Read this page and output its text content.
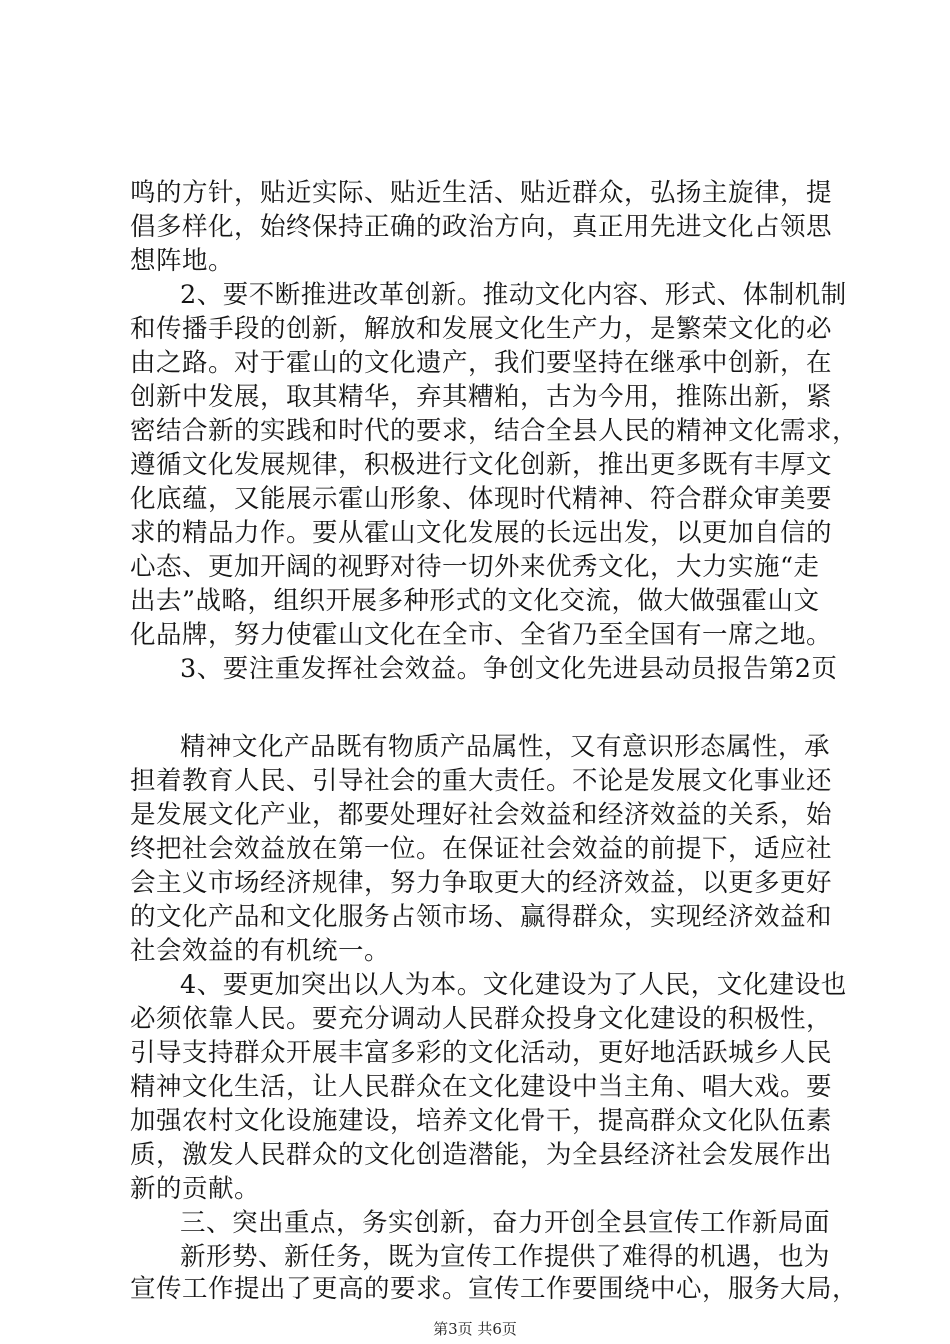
鸣的方针，贴近实际、贴近生活、贴近群众，弘扬主旋律，提
倡多样化，始终保持正确的政治方向，真正用先进文化占领思
想阵地。
2、要不断推进改革创新。推动文化内容、形式、体制机制
和传播手段的创新，解放和发展文化生产力，是繁荣文化的必
由之路。对于霍山的文化遗产，我们要坚持在继承中创新，在
创新中发展，取其精华，弃其糟粕，古为今用，推陈出新，紧
密结合新的实践和时代的要求，结合全县人民的精神文化需求，
遵循文化发展规律，积极进行文化创新，推出更多既有丰厚文
化底蕴，又能展示霍山形象、体现时代精神、符合群众审美要
求的精品力作。要从霍山文化发展的长远出发，以更加自信的
心态、更加开阔的视野对待一切外来优秀文化，大力实施“走
出去”战略，组织开展多种形式的文化交流，做大做强霍山文
化品牌，努力使霍山文化在全市、全省乃至全国有一席之地。
3、要注重发挥社会效益。争创文化先进县动员报告第2页
精神文化产品既有物质产品属性，又有意识形态属性，承
担着教育人民、引导社会的重大责任。不论是发展文化事业还
是发展文化产业，都要处理好社会效益和经济效益的关系，始
终把社会效益放在第一位。在保证社会效益的前提下，适应社
会主义市场经济规律，努力争取更大的经济效益，以更多更好
的文化产品和文化服务占领市场、赢得群众，实现经济效益和
社会效益的有机统一。
4、要更加突出以人为本。文化建设为了人民，文化建设也
必须依靠人民。要充分调动人民群众投身文化建设的积极性，
引导支持群众开展丰富多彩的文化活动，更好地活跃城乡人民
精神文化生活，让人民群众在文化建设中当主角、唱大戏。要
加强农村文化设施建设，培养文化骨干，提高群众文化队伍素
质，激发人民群众的文化创造潜能，为全县经济社会发展作出
新的贡献。
三、突出重点，务实创新，奋力开创全县宣传工作新局面
新形势、新任务，既为宣传工作提供了难得的机遇，也为
宣传工作提出了更高的要求。宣传工作要围绕中心，服务大局，
第3页 共6页
